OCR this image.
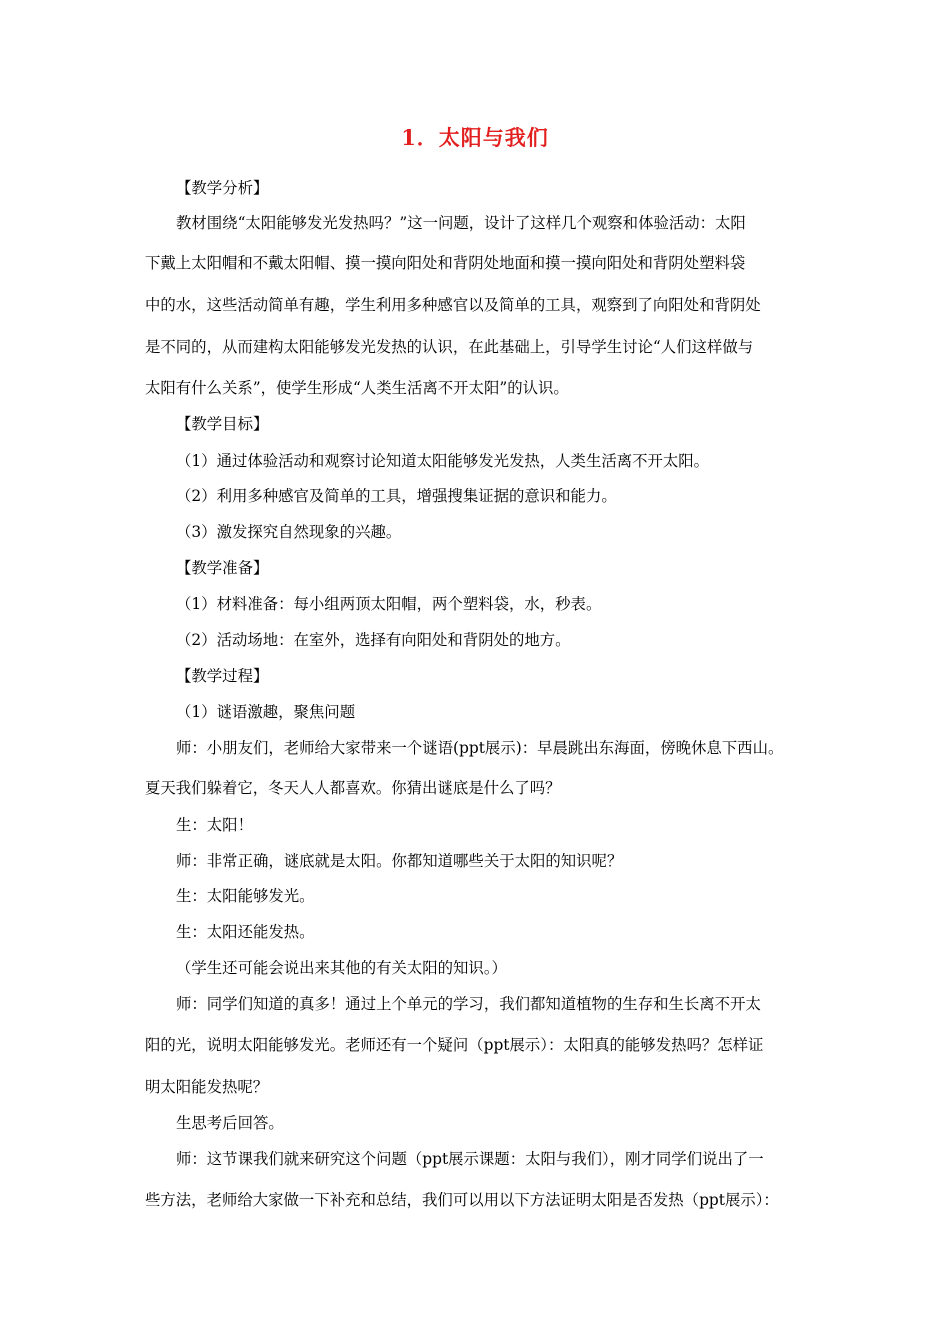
1．太阳与我们

【教学分析】

教材围绕“太阳能够发光发热吗？”这一问题，设计了这样几个观察和体验活动：太阳

下戴上太阳帽和不戴太阳帽、摸一摸向阳处和背阴处地面和摸一摸向阳处和背阴处塑料袋

中的水，这些活动简单有趣，学生利用多种感官以及简单的工具，观察到了向阳处和背阴处

是不同的，从而建构太阳能够发光发热的认识，在此基础上，引导学生讨论“人们这样做与

太阳有什么关系”，使学生形成“人类生活离不开太阳”的认识。

【教学目标】

（1）通过体验活动和观察讨论知道太阳能够发光发热，人类生活离不开太阳。

（2）利用多种感官及简单的工具，增强搜集证据的意识和能力。

（3）激发探究自然现象的兴趣。

【教学准备】

（1）材料准备：每小组两顶太阳帽，两个塑料袋，水，秒表。

（2）活动场地：在室外，选择有向阳处和背阴处的地方。

【教学过程】

（1）谜语激趣，聚焦问题

师：小朋友们，老师给大家带来一个谜语(ppt展示)：早晨跳出东海面，傍晚休息下西山。

夏天我们躲着它，冬天人人都喜欢。你猜出谜底是什么了吗？

生：太阳！

师：非常正确，谜底就是太阳。你都知道哪些关于太阳的知识呢？

生：太阳能够发光。

生：太阳还能发热。

（学生还可能会说出来其他的有关太阳的知识。）

师：同学们知道的真多！通过上个单元的学习，我们都知道植物的生存和生长离不开太

阳的光，说明太阳能够发光。老师还有一个疑问（ppt展示）：太阳真的能够发热吗？怎样证

明太阳能发热呢？

生思考后回答。

师：这节课我们就来研究这个问题（ppt展示课题：太阳与我们），刚才同学们说出了一

些方法，老师给大家做一下补充和总结，我们可以用以下方法证明太阳是否发热（ppt展示）：
